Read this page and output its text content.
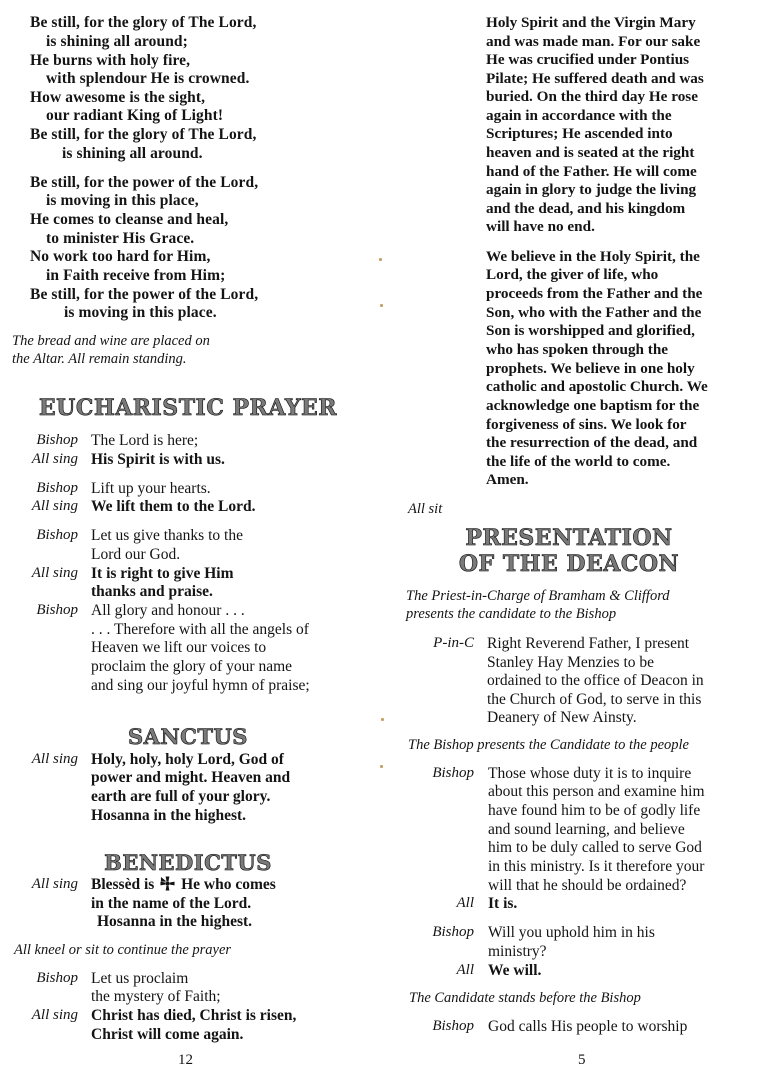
Be still, for the glory of The Lord,
is shining all around;
He burns with holy fire,
with splendour He is crowned.
How awesome is the sight,
our radiant King of Light!
Be still, for the glory of The Lord,
is shining all around.
Be still, for the power of the Lord,
is moving in this place,
He comes to cleanse and heal,
to minister His Grace.
No work too hard for Him,
in Faith receive from Him;
Be still, for the power of the Lord,
is moving in this place.
The bread and wine are placed on
the Altar. All remain standing.
EUCHARISTIC PRAYER
Bishop The Lord is here;
All sing His Spirit is with us.
Bishop Lift up your hearts.
All sing We lift them to the Lord.
Bishop Let us give thanks to the
Lord our God.
All sing It is right to give Him
thanks and praise.
Bishop All glory and honour . . .
. . . Therefore with all the angels of
Heaven we lift our voices to
proclaim the glory of your name
and sing our joyful hymn of praise;
SANCTUS
All sing Holy, holy, holy Lord, God of
power and might. Heaven and
earth are full of your glory.
Hosanna in the highest.
BENEDICTUS
All sing Blessèd is He who comes
in the name of the Lord.
Hosanna in the highest.
All kneel or sit to continue the prayer
Bishop Let us proclaim
the mystery of Faith;
All sing Christ has died, Christ is risen,
Christ will come again.
12
Holy Spirit and the Virgin Mary
and was made man. For our sake
He was crucified under Pontius
Pilate; He suffered death and was
buried. On the third day He rose
again in accordance with the
Scriptures; He ascended into
heaven and is seated at the right
hand of the Father. He will come
again in glory to judge the living
and the dead, and his kingdom
will have no end.
We believe in the Holy Spirit, the
Lord, the giver of life, who
proceeds from the Father and the
Son, who with the Father and the
Son is worshipped and glorified,
who has spoken through the
prophets. We believe in one holy
catholic and apostolic Church. We
acknowledge one baptism for the
forgiveness of sins. We look for
the resurrection of the dead, and
the life of the world to come.
Amen.
All sit
PRESENTATION
OF THE DEACON
The Priest-in-Charge of Bramham & Clifford
presents the candidate to the Bishop
P-in-C Right Reverend Father, I present
Stanley Hay Menzies to be
ordained to the office of Deacon in
the Church of God, to serve in this
Deanery of New Ainsty.
The Bishop presents the Candidate to the people
Bishop Those whose duty it is to inquire
about this person and examine him
have found him to be of godly life
and sound learning, and believe
him to be duly called to serve God
in this ministry. Is it therefore your
will that he should be ordained?
All It is.
Bishop Will you uphold him in his
ministry?
All We will.
The Candidate stands before the Bishop
Bishop God calls His people to worship
5
